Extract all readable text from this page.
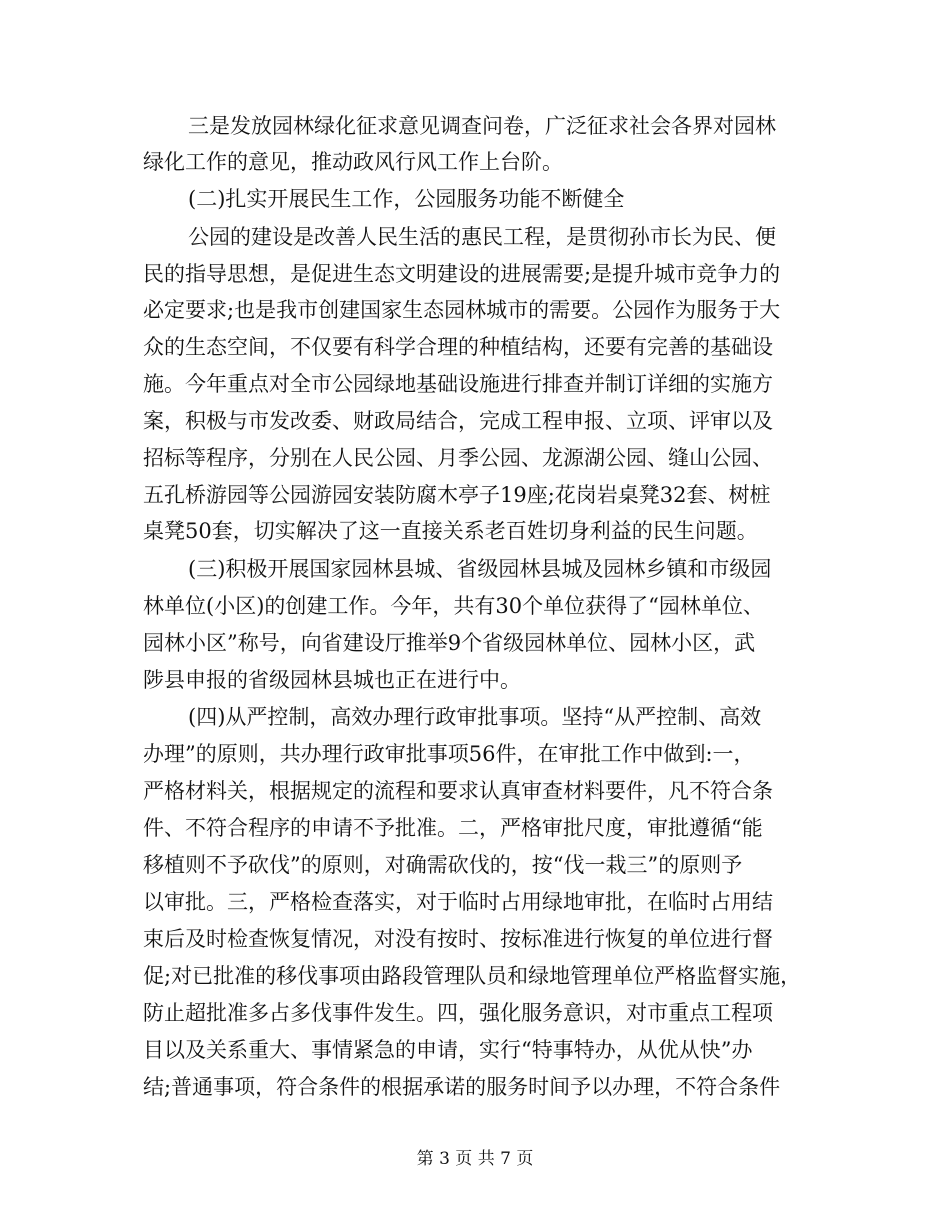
三是发放园林绿化征求意见调查问卷，广泛征求社会各界对园林
绿化工作的意见，推动政风行风工作上台阶。
(二)扎实开展民生工作，公园服务功能不断健全
公园的建设是改善人民生活的惠民工程，是贯彻孙市长为民、便
民的指导思想，是促进生态文明建设的进展需要;是提升城市竞争力的
必定要求;也是我市创建国家生态园林城市的需要。公园作为服务于大
众的生态空间，不仅要有科学合理的种植结构，还要有完善的基础设
施。今年重点对全市公园绿地基础设施进行排查并制订详细的实施方
案，积极与市发改委、财政局结合，完成工程申报、立项、评审以及
招标等程序，分别在人民公园、月季公园、龙源湖公园、缝山公园、
五孔桥游园等公园游园安装防腐木亭子19座;花岗岩桌凳32套、树桩
桌凳50套，切实解决了这一直接关系老百姓切身利益的民生问题。
(三)积极开展国家园林县城、省级园林县城及园林乡镇和市级园
林单位(小区)的创建工作。今年，共有30个单位获得了“园林单位、
园林小区”称号，向省建设厅推举9个省级园林单位、园林小区，武
陟县申报的省级园林县城也正在进行中。
(四)从严控制，高效办理行政审批事项。坚持“从严控制、高效
办理”的原则，共办理行政审批事项56件，在审批工作中做到:一，
严格材料关，根据规定的流程和要求认真审查材料要件，凡不符合条
件、不符合程序的申请不予批准。二，严格审批尺度，审批遵循“能
移植则不予砍伐”的原则，对确需砍伐的，按“伐一栽三”的原则予
以审批。三，严格检查落实，对于临时占用绿地审批，在临时占用结
束后及时检查恢复情况，对没有按时、按标准进行恢复的单位进行督
促;对已批准的移伐事项由路段管理队员和绿地管理单位严格监督实施，
防止超批准多占多伐事件发生。四，强化服务意识，对市重点工程项
目以及关系重大、事情紧急的申请，实行“特事特办，从优从快”办
结;普通事项，符合条件的根据承诺的服务时间予以办理，不符合条件
第 3 页 共 7 页
